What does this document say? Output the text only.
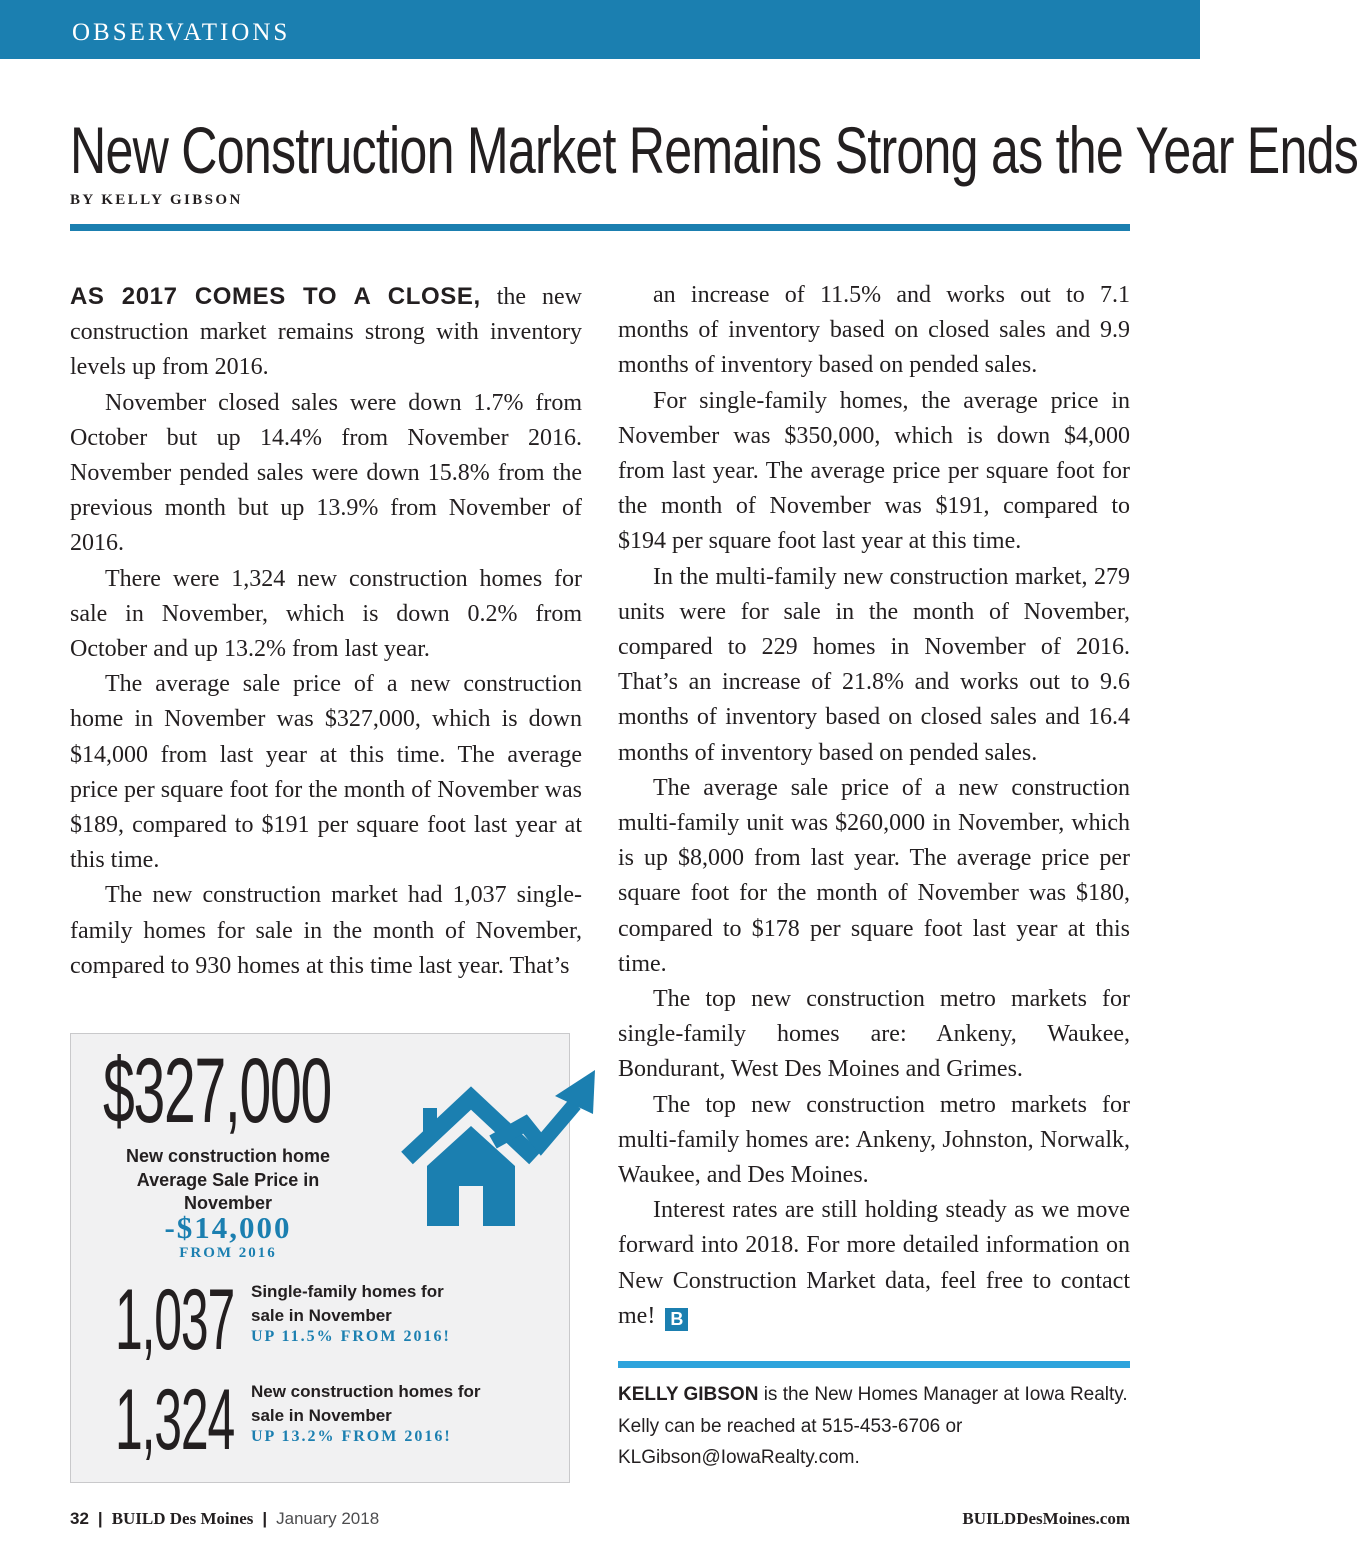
OBSERVATIONS
New Construction Market Remains Strong as the Year Ends
BY KELLY GIBSON

AS 2017 COMES TO A CLOSE, the new construction market remains strong with inventory levels up from 2016.

November closed sales were down 1.7% from October but up 14.4% from November 2016. November pended sales were down 15.8% from the previous month but up 13.9% from November of 2016.

There were 1,324 new construction homes for sale in November, which is down 0.2% from October and up 13.2% from last year.

The average sale price of a new construction home in November was $327,000, which is down $14,000 from last year at this time. The average price per square foot for the month of November was $189, compared to $191 per square foot last year at this time.

The new construction market had 1,037 single-family homes for sale in the month of November, compared to 930 homes at this time last year. That’s

an increase of 11.5% and works out to 7.1 months of inventory based on closed sales and 9.9 months of inventory based on pended sales.

For single-family homes, the average price in November was $350,000, which is down $4,000 from last year. The average price per square foot for the month of November was $191, compared to $194 per square foot last year at this time.

In the multi-family new construction market, 279 units were for sale in the month of November, compared to 229 homes in November of 2016. That’s an increase of 21.8% and works out to 9.6 months of inventory based on closed sales and 16.4 months of inventory based on pended sales.

The average sale price of a new construction multi-family unit was $260,000 in November, which is up $8,000 from last year. The average price per square foot for the month of November was $180, compared to $178 per square foot last year at this time.

The top new construction metro markets for single-family homes are: Ankeny, Waukee, Bondurant, West Des Moines and Grimes.

The top new construction metro markets for multi-family homes are: Ankeny, Johnston, Norwalk, Waukee, and Des Moines.

Interest rates are still holding steady as we move forward into 2018. For more detailed information on New Construction Market data, feel free to contact me! B

$327,000
New construction home
Average Sale Price in
November
-$14,000
FROM 2016
1,037 Single-family homes for
sale in November
UP 11.5% FROM 2016!
1,324 New construction homes for
sale in November
UP 13.2% FROM 2016!
KELLY GIBSON is the New Homes Manager at Iowa Realty.
Kelly can be reached at 515-453-6706 or
KLGibson@IowaRealty.com.
32 | BUILD Des Moines | January 2018	BUILDDesMoines.com
